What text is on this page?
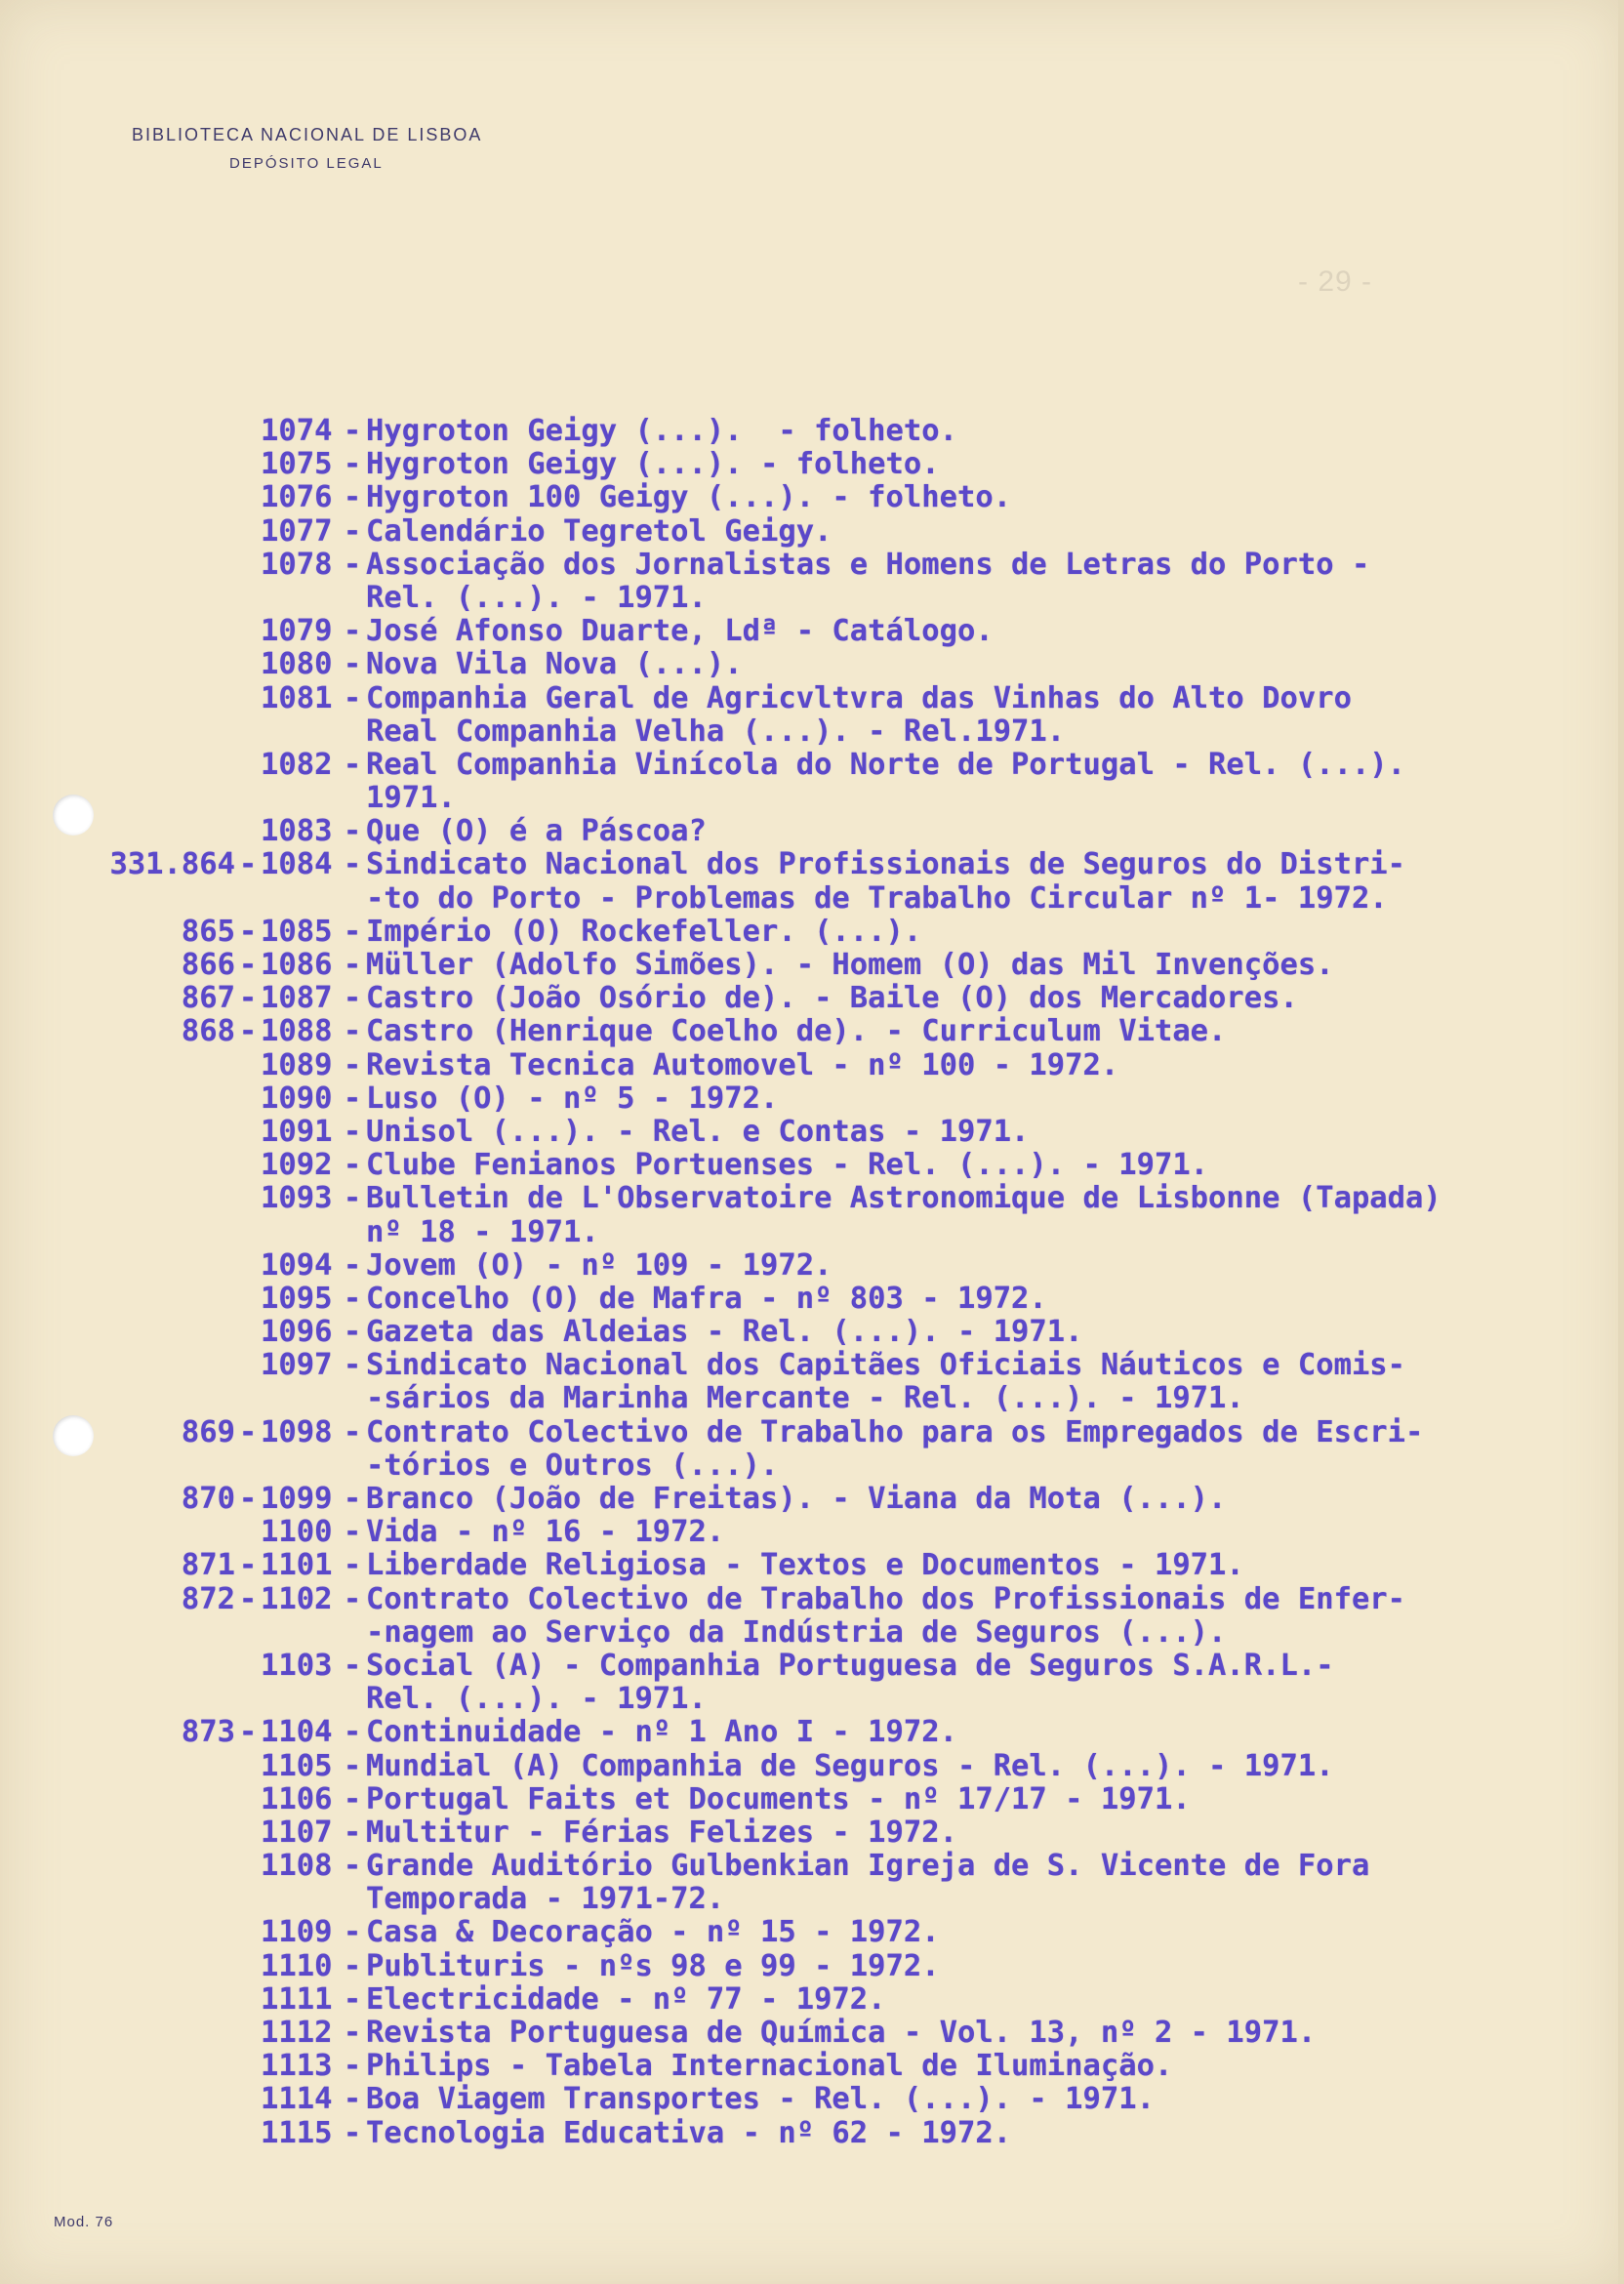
BIBLIOTECA NACIONAL DE LISBOA
DEPÓSITO LEGAL
- 29 -
1074 - Hygroton Geigy (...).  - folheto.
1075 - Hygroton Geigy (...). - folheto.
1076 - Hygroton 100 Geigy (...). - folheto.
1077 - Calendário Tegretol Geigy.
1078 - Associação dos Jornalistas e Homens de Letras do Porto -
Rel. (...). - 1971.
1079 - José Afonso Duarte, Ldª - Catálogo.
1080 - Nova Vila Nova (...).
1081 - Companhia Geral de Agricvltvra das Vinhas do Alto Dovro
Real Companhia Velha (...). - Rel.1971.
1082 - Real Companhia Vinícola do Norte de Portugal - Rel. (...).
1971.
1083 - Que (O) é a Páscoa?
331.864 - 1084 - Sindicato Nacional dos Profissionais de Seguros do Distri-
-to do Porto - Problemas de Trabalho Circular nº 1- 1972.
865 - 1085 - Império (O) Rockefeller. (...).
866 - 1086 - Müller (Adolfo Simões). - Homem (O) das Mil Invenções.
867 - 1087 - Castro (João Osório de). - Baile (O) dos Mercadores.
868 - 1088 - Castro (Henrique Coelho de). - Curriculum Vitae.
1089 - Revista Tecnica Automovel - nº 100 - 1972.
1090 - Luso (O) - nº 5 - 1972.
1091 - Unisol (...). - Rel. e Contas - 1971.
1092 - Clube Fenianos Portuenses - Rel. (...). - 1971.
1093 - Bulletin de L'Observatoire Astronomique de Lisbonne (Tapada)
nº 18 - 1971.
1094 - Jovem (O) - nº 109 - 1972.
1095 - Concelho (O) de Mafra - nº 803 - 1972.
1096 - Gazeta das Aldeias - Rel. (...). - 1971.
1097 - Sindicato Nacional dos Capitães Oficiais Náuticos e Comis-
-sários da Marinha Mercante - Rel. (...). - 1971.
869 - 1098 - Contrato Colectivo de Trabalho para os Empregados de Escri-
-tórios e Outros (...).
870 - 1099 - Branco (João de Freitas). - Viana da Mota (...).
1100 - Vida - nº 16 - 1972.
871 - 1101 - Liberdade Religiosa - Textos e Documentos - 1971.
872 - 1102 - Contrato Colectivo de Trabalho dos Profissionais de Enfer-
-nagem ao Serviço da Indústria de Seguros (...).
1103 - Social (A) - Companhia Portuguesa de Seguros S.A.R.L.-
Rel. (...). - 1971.
873 - 1104 - Continuidade - nº 1 Ano I - 1972.
1105 - Mundial (A) Companhia de Seguros - Rel. (...). - 1971.
1106 - Portugal Faits et Documents - nº 17/17 - 1971.
1107 - Multitur - Férias Felizes - 1972.
1108 - Grande Auditório Gulbenkian Igreja de S. Vicente de Fora
Temporada - 1971-72.
1109 - Casa & Decoração - nº 15 - 1972.
1110 - Publituris - nºs 98 e 99 - 1972.
1111 - Electricidade - nº 77 - 1972.
1112 - Revista Portuguesa de Química - Vol. 13, nº 2 - 1971.
1113 - Philips - Tabela Internacional de Iluminação.
1114 - Boa Viagem Transportes - Rel. (...). - 1971.
1115 - Tecnologia Educativa - nº 62 - 1972.
Mod. 76
